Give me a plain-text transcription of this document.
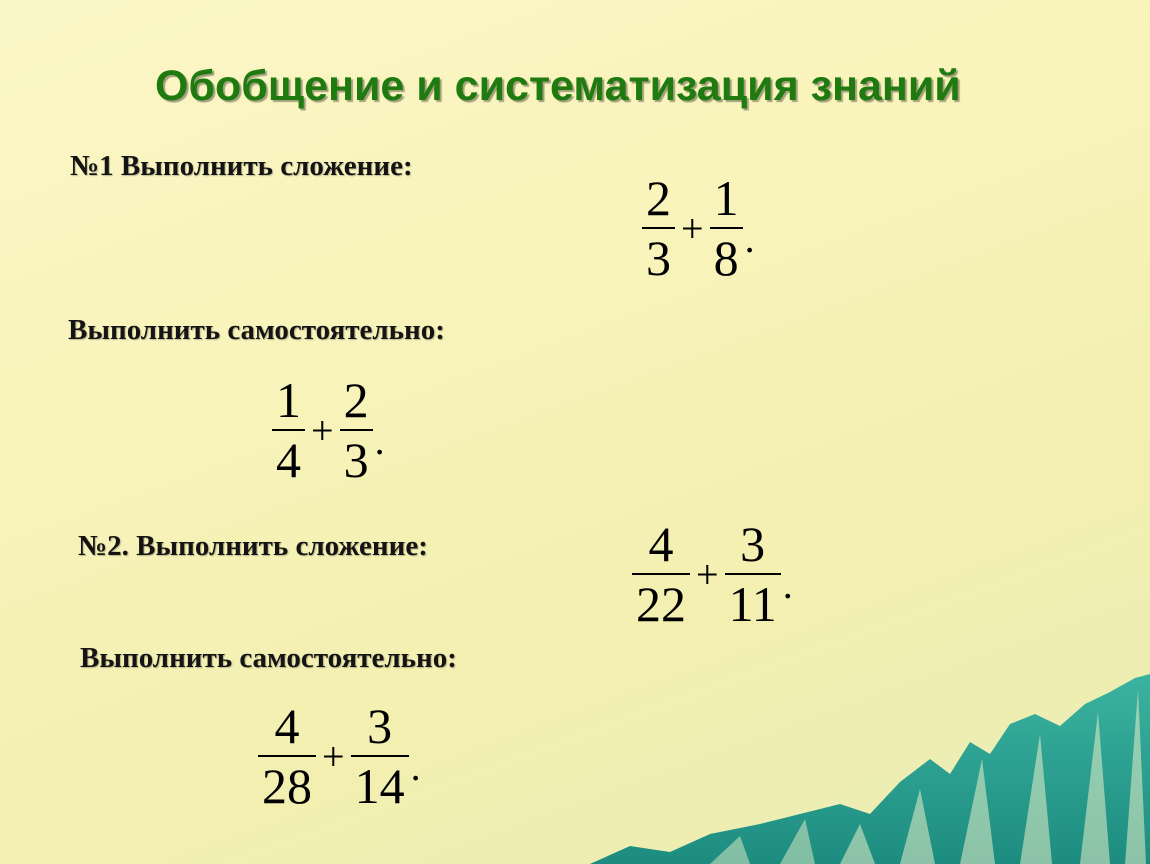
Обобщение и систематизация знаний
№1 Выполнить сложение:
$\frac{2}{3} + \frac{1}{8}$ .
Выполнить самостоятельно:
$\frac{1}{4} + \frac{2}{3}$ .
№2. Выполнить сложение:	$\frac{4}{22} + \frac{3}{11}$ .
Выполнить самостоятельно:
$\frac{4}{28} + \frac{3}{14}$ .
